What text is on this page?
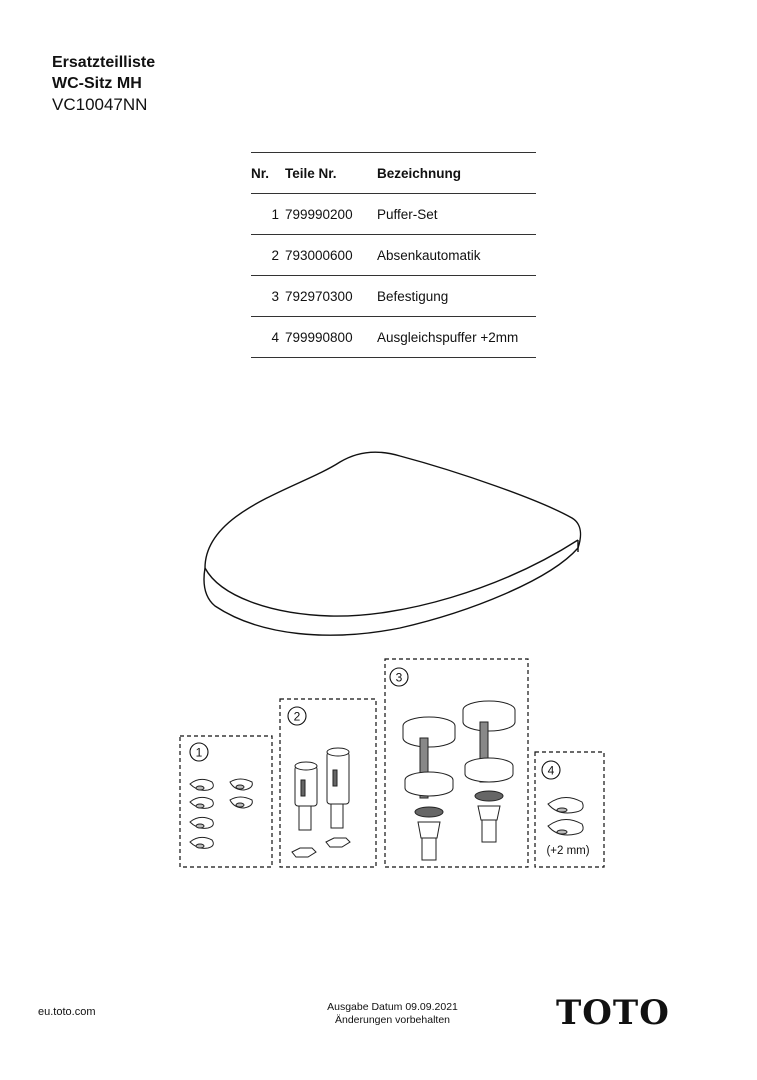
Ersatzteilliste
WC-Sitz MH
VC10047NN
Nr.	Teile Nr.	Bezeichnung
1	799990200	Puffer-Set
2	793000600	Absenkautomatik
3	792970300	Befestigung
4	799990800	Ausgleichspuffer +2mm
1
2
3
4
(+2 mm)
eu.toto.com	Ausgabe Datum 09.09.2021
Änderungen vorbehalten	TOTO
